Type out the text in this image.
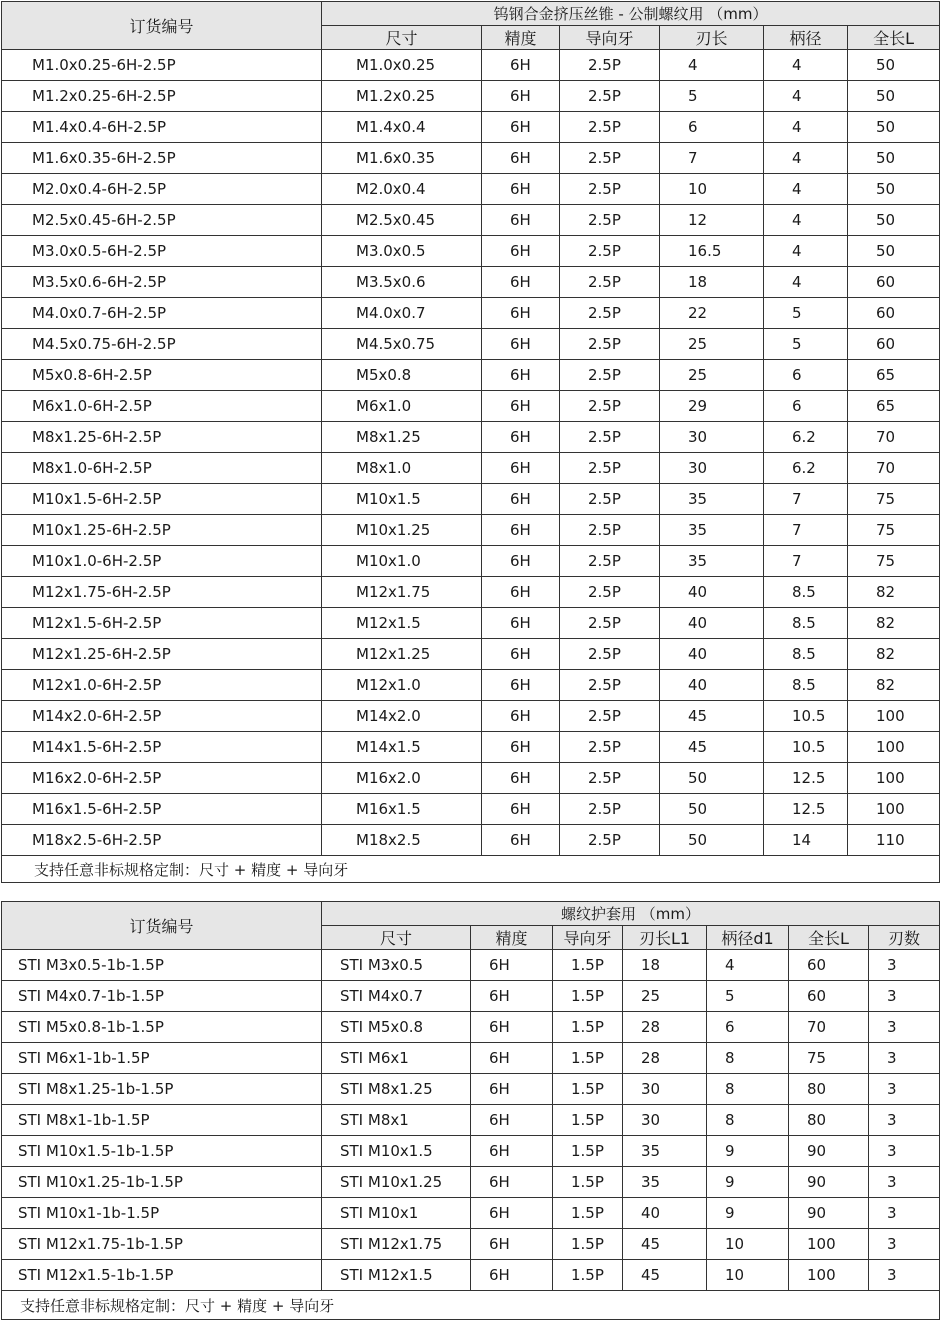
订货编号	钨钢合金挤压丝锥 - 公制螺纹用 （mm）					
	尺寸	精度	导向牙	刃长	柄径	全长L
M1.0x0.25-6H-2.5P	M1.0x0.25	6H	2.5P	4	4	50
M1.2x0.25-6H-2.5P	M1.2x0.25	6H	2.5P	5	4	50
M1.4x0.4-6H-2.5P	M1.4x0.4	6H	2.5P	6	4	50
M1.6x0.35-6H-2.5P	M1.6x0.35	6H	2.5P	7	4	50
M2.0x0.4-6H-2.5P	M2.0x0.4	6H	2.5P	10	4	50
M2.5x0.45-6H-2.5P	M2.5x0.45	6H	2.5P	12	4	50
M3.0x0.5-6H-2.5P	M3.0x0.5	6H	2.5P	16.5	4	50
M3.5x0.6-6H-2.5P	M3.5x0.6	6H	2.5P	18	4	60
M4.0x0.7-6H-2.5P	M4.0x0.7	6H	2.5P	22	5	60
M4.5x0.75-6H-2.5P	M4.5x0.75	6H	2.5P	25	5	60
M5x0.8-6H-2.5P	M5x0.8	6H	2.5P	25	6	65
M6x1.0-6H-2.5P	M6x1.0	6H	2.5P	29	6	65
M8x1.25-6H-2.5P	M8x1.25	6H	2.5P	30	6.2	70
M8x1.0-6H-2.5P	M8x1.0	6H	2.5P	30	6.2	70
M10x1.5-6H-2.5P	M10x1.5	6H	2.5P	35	7	75
M10x1.25-6H-2.5P	M10x1.25	6H	2.5P	35	7	75
M10x1.0-6H-2.5P	M10x1.0	6H	2.5P	35	7	75
M12x1.75-6H-2.5P	M12x1.75	6H	2.5P	40	8.5	82
M12x1.5-6H-2.5P	M12x1.5	6H	2.5P	40	8.5	82
M12x1.25-6H-2.5P	M12x1.25	6H	2.5P	40	8.5	82
M12x1.0-6H-2.5P	M12x1.0	6H	2.5P	40	8.5	82
M14x2.0-6H-2.5P	M14x2.0	6H	2.5P	45	10.5	100
M14x1.5-6H-2.5P	M14x1.5	6H	2.5P	45	10.5	100
M16x2.0-6H-2.5P	M16x2.0	6H	2.5P	50	12.5	100
M16x1.5-6H-2.5P	M16x1.5	6H	2.5P	50	12.5	100
M18x2.5-6H-2.5P	M18x2.5	6H	2.5P	50	14	110
支持任意非标规格定制：尺寸 + 精度 + 导向牙						
订货编号	螺纹护套用 （mm）						
	尺寸	精度	导向牙	刃长L1	柄径d1	全长L	刃数
STI M3x0.5-1b-1.5P	STI M3x0.5	6H	1.5P	18	4	60	3
STI M4x0.7-1b-1.5P	STI M4x0.7	6H	1.5P	25	5	60	3
STI M5x0.8-1b-1.5P	STI M5x0.8	6H	1.5P	28	6	70	3
STI M6x1-1b-1.5P	STI M6x1	6H	1.5P	28	8	75	3
STI M8x1.25-1b-1.5P	STI M8x1.25	6H	1.5P	30	8	80	3
STI M8x1-1b-1.5P	STI M8x1	6H	1.5P	30	8	80	3
STI M10x1.5-1b-1.5P	STI M10x1.5	6H	1.5P	35	9	90	3
STI M10x1.25-1b-1.5P	STI M10x1.25	6H	1.5P	35	9	90	3
STI M10x1-1b-1.5P	STI M10x1	6H	1.5P	40	9	90	3
STI M12x1.75-1b-1.5P	STI M12x1.75	6H	1.5P	45	10	100	3
STI M12x1.5-1b-1.5P	STI M12x1.5	6H	1.5P	45	10	100	3
支持任意非标规格定制：尺寸 + 精度 + 导向牙							
